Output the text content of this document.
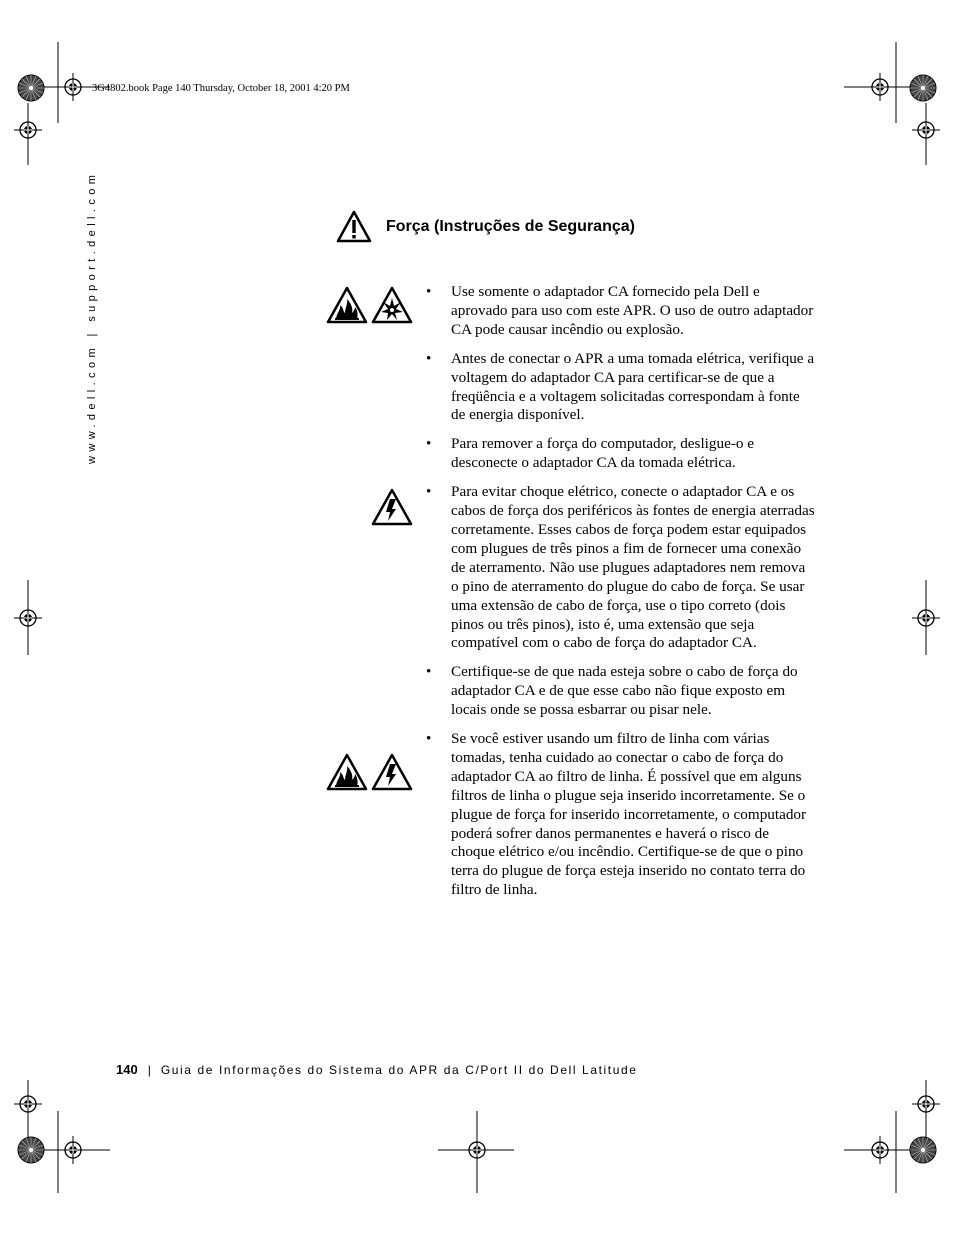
3G4802.book Page 140 Thursday, October 18, 2001 4:20 PM
www.dell.com | support.dell.com	Força (Instruções de Segurança)
•	Use somente o adaptador CA fornecido pela Dell e aprovado para uso com este APR. O uso de outro adaptador CA pode causar incêndio ou explosão.
•	Antes de conectar o APR a uma tomada elétrica, verifique a voltagem do adaptador CA para certificar-se de que a freqüência e a voltagem solicitadas correspondam à fonte de energia disponível.
•	Para remover a força do computador, desligue-o e desconecte o adaptador CA da tomada elétrica.
•	Para evitar choque elétrico, conecte o adaptador CA e os cabos de força dos periféricos às fontes de energia aterradas corretamente. Esses cabos de força podem estar equipados com plugues de três pinos a fim de fornecer uma conexão de aterramento. Não use plugues adaptadores nem remova o pino de aterramento do plugue do cabo de força. Se usar uma extensão de cabo de força, use o tipo correto (dois pinos ou três pinos), isto é, uma extensão que seja compatível com o cabo de força do adaptador CA.
•	Certifique-se de que nada esteja sobre o cabo de força do adaptador CA e de que esse cabo não fique exposto em locais onde se possa esbarrar ou pisar nele.
•	Se você estiver usando um filtro de linha com várias tomadas, tenha cuidado ao conectar o cabo de força do adaptador CA ao filtro de linha. É possível que em alguns filtros de linha o plugue seja inserido incorretamente. Se o plugue de força for inserido incorretamente, o computador poderá sofrer danos permanentes e haverá o risco de choque elétrico e/ou incêndio. Certifique-se de que o pino terra do plugue de força esteja inserido no contato terra do filtro de linha.
140 | Guia de Informações do Sistema do APR da C/Port II do Dell Latitude
